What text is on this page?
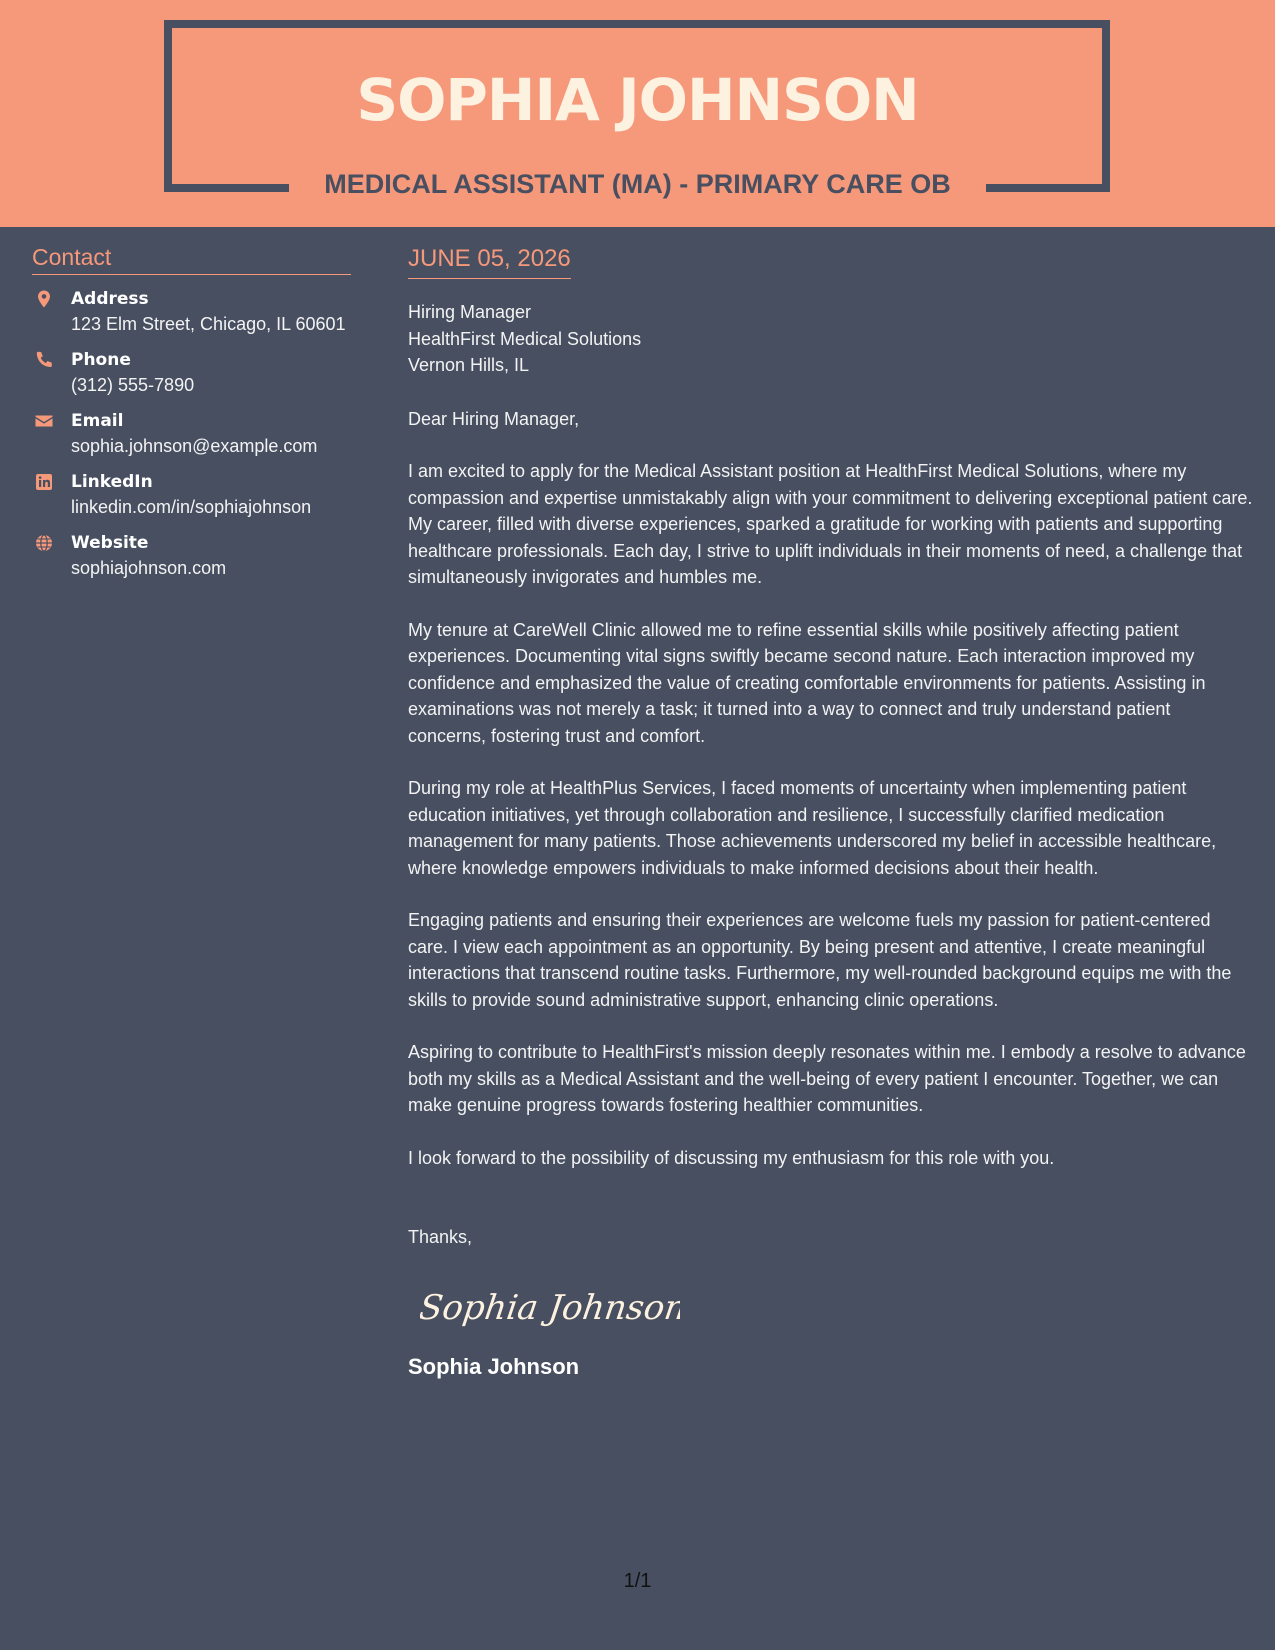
SOPHIA JOHNSON
MEDICAL ASSISTANT (MA) - PRIMARY CARE OB
Contact
Address
123 Elm Street, Chicago, IL 60601
Phone
(312) 555-7890
Email
sophia.johnson@example.com
LinkedIn
linkedin.com/in/sophiajohnson
Website
sophiajohnson.com
JUNE 05, 2026
Hiring Manager
HealthFirst Medical Solutions
Vernon Hills, IL
Dear Hiring Manager,
I am excited to apply for the Medical Assistant position at HealthFirst Medical Solutions, where my compassion and expertise unmistakably align with your commitment to delivering exceptional patient care. My career, filled with diverse experiences, sparked a gratitude for working with patients and supporting healthcare professionals. Each day, I strive to uplift individuals in their moments of need, a challenge that simultaneously invigorates and humbles me.
My tenure at CareWell Clinic allowed me to refine essential skills while positively affecting patient experiences. Documenting vital signs swiftly became second nature. Each interaction improved my confidence and emphasized the value of creating comfortable environments for patients. Assisting in examinations was not merely a task; it turned into a way to connect and truly understand patient concerns, fostering trust and comfort.
During my role at HealthPlus Services, I faced moments of uncertainty when implementing patient education initiatives, yet through collaboration and resilience, I successfully clarified medication management for many patients. Those achievements underscored my belief in accessible healthcare, where knowledge empowers individuals to make informed decisions about their health.
Engaging patients and ensuring their experiences are welcome fuels my passion for patient-centered care. I view each appointment as an opportunity. By being present and attentive, I create meaningful interactions that transcend routine tasks. Furthermore, my well-rounded background equips me with the skills to provide sound administrative support, enhancing clinic operations.
Aspiring to contribute to HealthFirst's mission deeply resonates within me. I embody a resolve to advance both my skills as a Medical Assistant and the well-being of every patient I encounter. Together, we can make genuine progress towards fostering healthier communities.
I look forward to the possibility of discussing my enthusiasm for this role with you.
Thanks,
Sophia Johnson
Sophia Johnson
1/1
